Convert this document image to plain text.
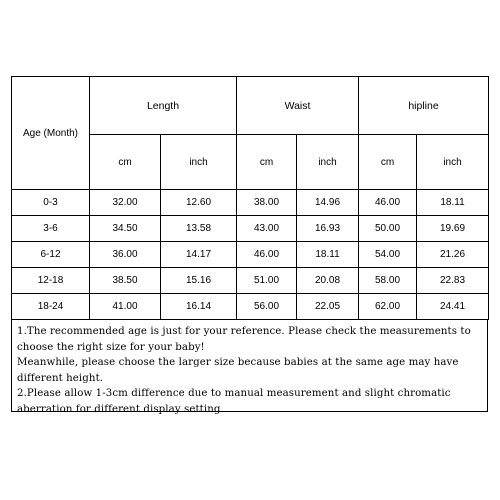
Age (Month)	Length		Waist		hipline	
	cm	inch	cm	inch	cm	inch
0-3	32.00	12.60	38.00	14.96	46.00	18.11
3-6	34.50	13.58	43.00	16.93	50.00	19.69
6-12	36.00	14.17	46.00	18.11	54.00	21.26
12-18	38.50	15.16	51.00	20.08	58.00	22.83
18-24	41.00	16.14	56.00	22.05	62.00	24.41

1.The recommended age is just for your reference. Please check the measurements to choose the right size for your baby!

Meanwhile, please choose the larger size because babies at the same age may have different height.

2.Please allow 1-3cm difference due to manual measurement and slight chromatic aberration for different display setting
